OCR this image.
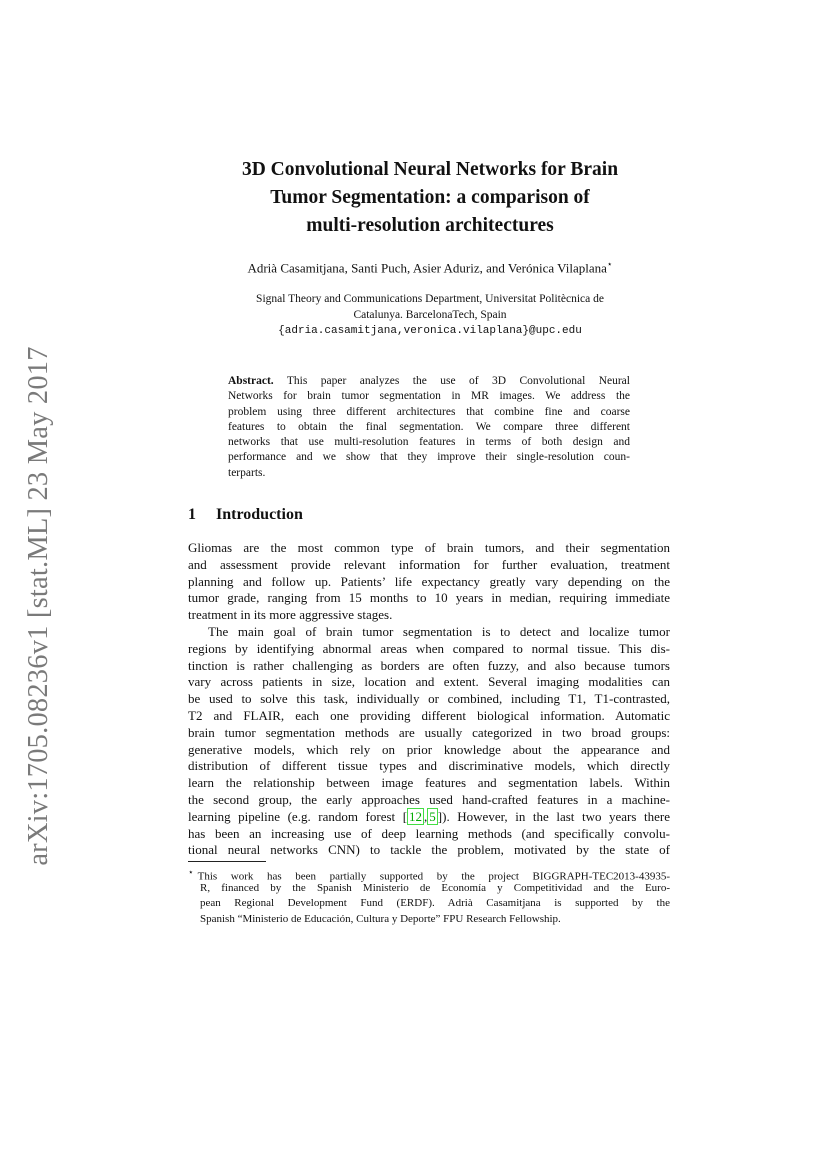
arXiv:1705.08236v1 [stat.ML] 23 May 2017
3D Convolutional Neural Networks for Brain
Tumor Segmentation: a comparison of
multi-resolution architectures
Adrià Casamitjana, Santi Puch, Asier Aduriz, and Verónica Vilaplana⋆
Signal Theory and Communications Department, Universitat Politècnica de
Catalunya. BarcelonaTech, Spain
{adria.casamitjana,veronica.vilaplana}@upc.edu
Abstract. This paper analyzes the use of 3D Convolutional Neural
Networks for brain tumor segmentation in MR images. We address the
problem using three different architectures that combine fine and coarse
features to obtain the final segmentation. We compare three different
networks that use multi-resolution features in terms of both design and
performance and we show that they improve their single-resolution coun-
terparts.
1 Introduction
Gliomas are the most common type of brain tumors, and their segmentation
and assessment provide relevant information for further evaluation, treatment
planning and follow up. Patients’ life expectancy greatly vary depending on the
tumor grade, ranging from 15 months to 10 years in median, requiring immediate
treatment in its more aggressive stages.
The main goal of brain tumor segmentation is to detect and localize tumor
regions by identifying abnormal areas when compared to normal tissue. This dis-
tinction is rather challenging as borders are often fuzzy, and also because tumors
vary across patients in size, location and extent. Several imaging modalities can
be used to solve this task, individually or combined, including T1, T1-contrasted,
T2 and FLAIR, each one providing different biological information. Automatic
brain tumor segmentation methods are usually categorized in two broad groups:
generative models, which rely on prior knowledge about the appearance and
distribution of different tissue types and discriminative models, which directly
learn the relationship between image features and segmentation labels. Within
the second group, the early approaches used hand-crafted features in a machine-
learning pipeline (e.g. random forest [ 12 , 5 ]). However, in the last two years there
has been an increasing use of deep learning methods (and specifically convolu-
tional neural networks CNN) to tackle the problem, motivated by the state of
⋆ This work has been partially supported by the project BIGGRAPH-TEC2013-43935-
R, financed by the Spanish Ministerio de Economía y Competitividad and the Euro-
pean Regional Development Fund (ERDF). Adrià Casamitjana is supported by the
Spanish “Ministerio de Educación, Cultura y Deporte” FPU Research Fellowship.
